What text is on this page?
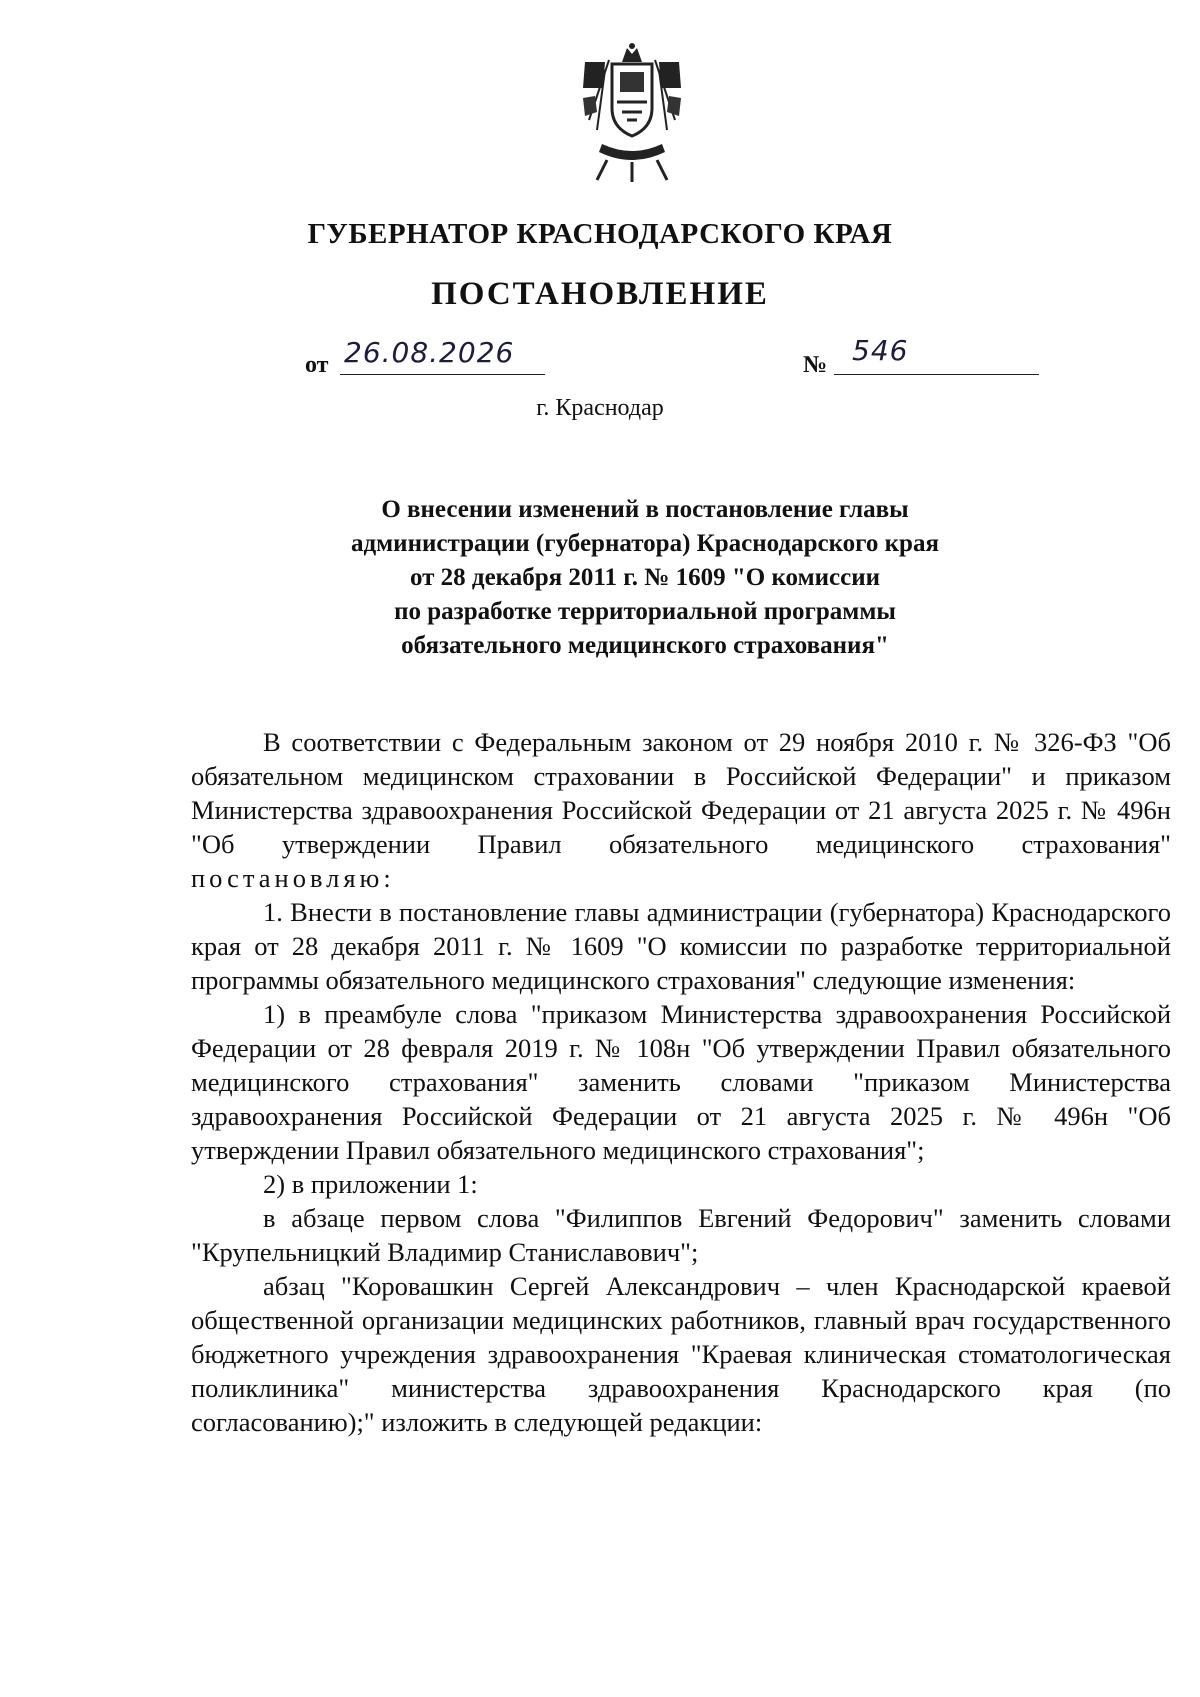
ГУБЕРНАТОР КРАСНОДАРСКОГО КРАЯ
ПОСТАНОВЛЕНИЕ
от 26.08.2026	№ 546
г. Краснодар
О внесении изменений в постановление главы
администрации (губернатора) Краснодарского края
от 28 декабря 2011 г. № 1609 "О комиссии
по разработке территориальной программы
обязательного медицинского страхования"

В соответствии с Федеральным законом от 29 ноября 2010 г. № 326-ФЗ "Об обязательном медицинском страховании в Российской Федерации" и приказом Министерства здравоохранения Российской Федерации от 21 августа 2025 г. № 496н "Об утверждении Правил обязательного медицинского страхования" постановляю:

1. Внести в постановление главы администрации (губернатора) Краснодарского края от 28 декабря 2011 г. № 1609 "О комиссии по разработке территориальной программы обязательного медицинского страхования" следующие изменения:

1) в преамбуле слова "приказом Министерства здравоохранения Российской Федерации от 28 февраля 2019 г. № 108н "Об утверждении Правил обязательного медицинского страхования" заменить словами "приказом Министерства здравоохранения Российской Федерации от 21 августа 2025 г. № 496н "Об утверждении Правил обязательного медицинского страхования";

2) в приложении 1:

в абзаце первом слова "Филиппов Евгений Федорович" заменить словами "Крупельницкий Владимир Станиславович";

абзац "Коровашкин Сергей Александрович – член Краснодарской краевой общественной организации медицинских работников, главный врач государственного бюджетного учреждения здравоохранения "Краевая клиническая стоматологическая поликлиника" министерства здравоохранения Краснодарского края (по согласованию);" изложить в следующей редакции:
